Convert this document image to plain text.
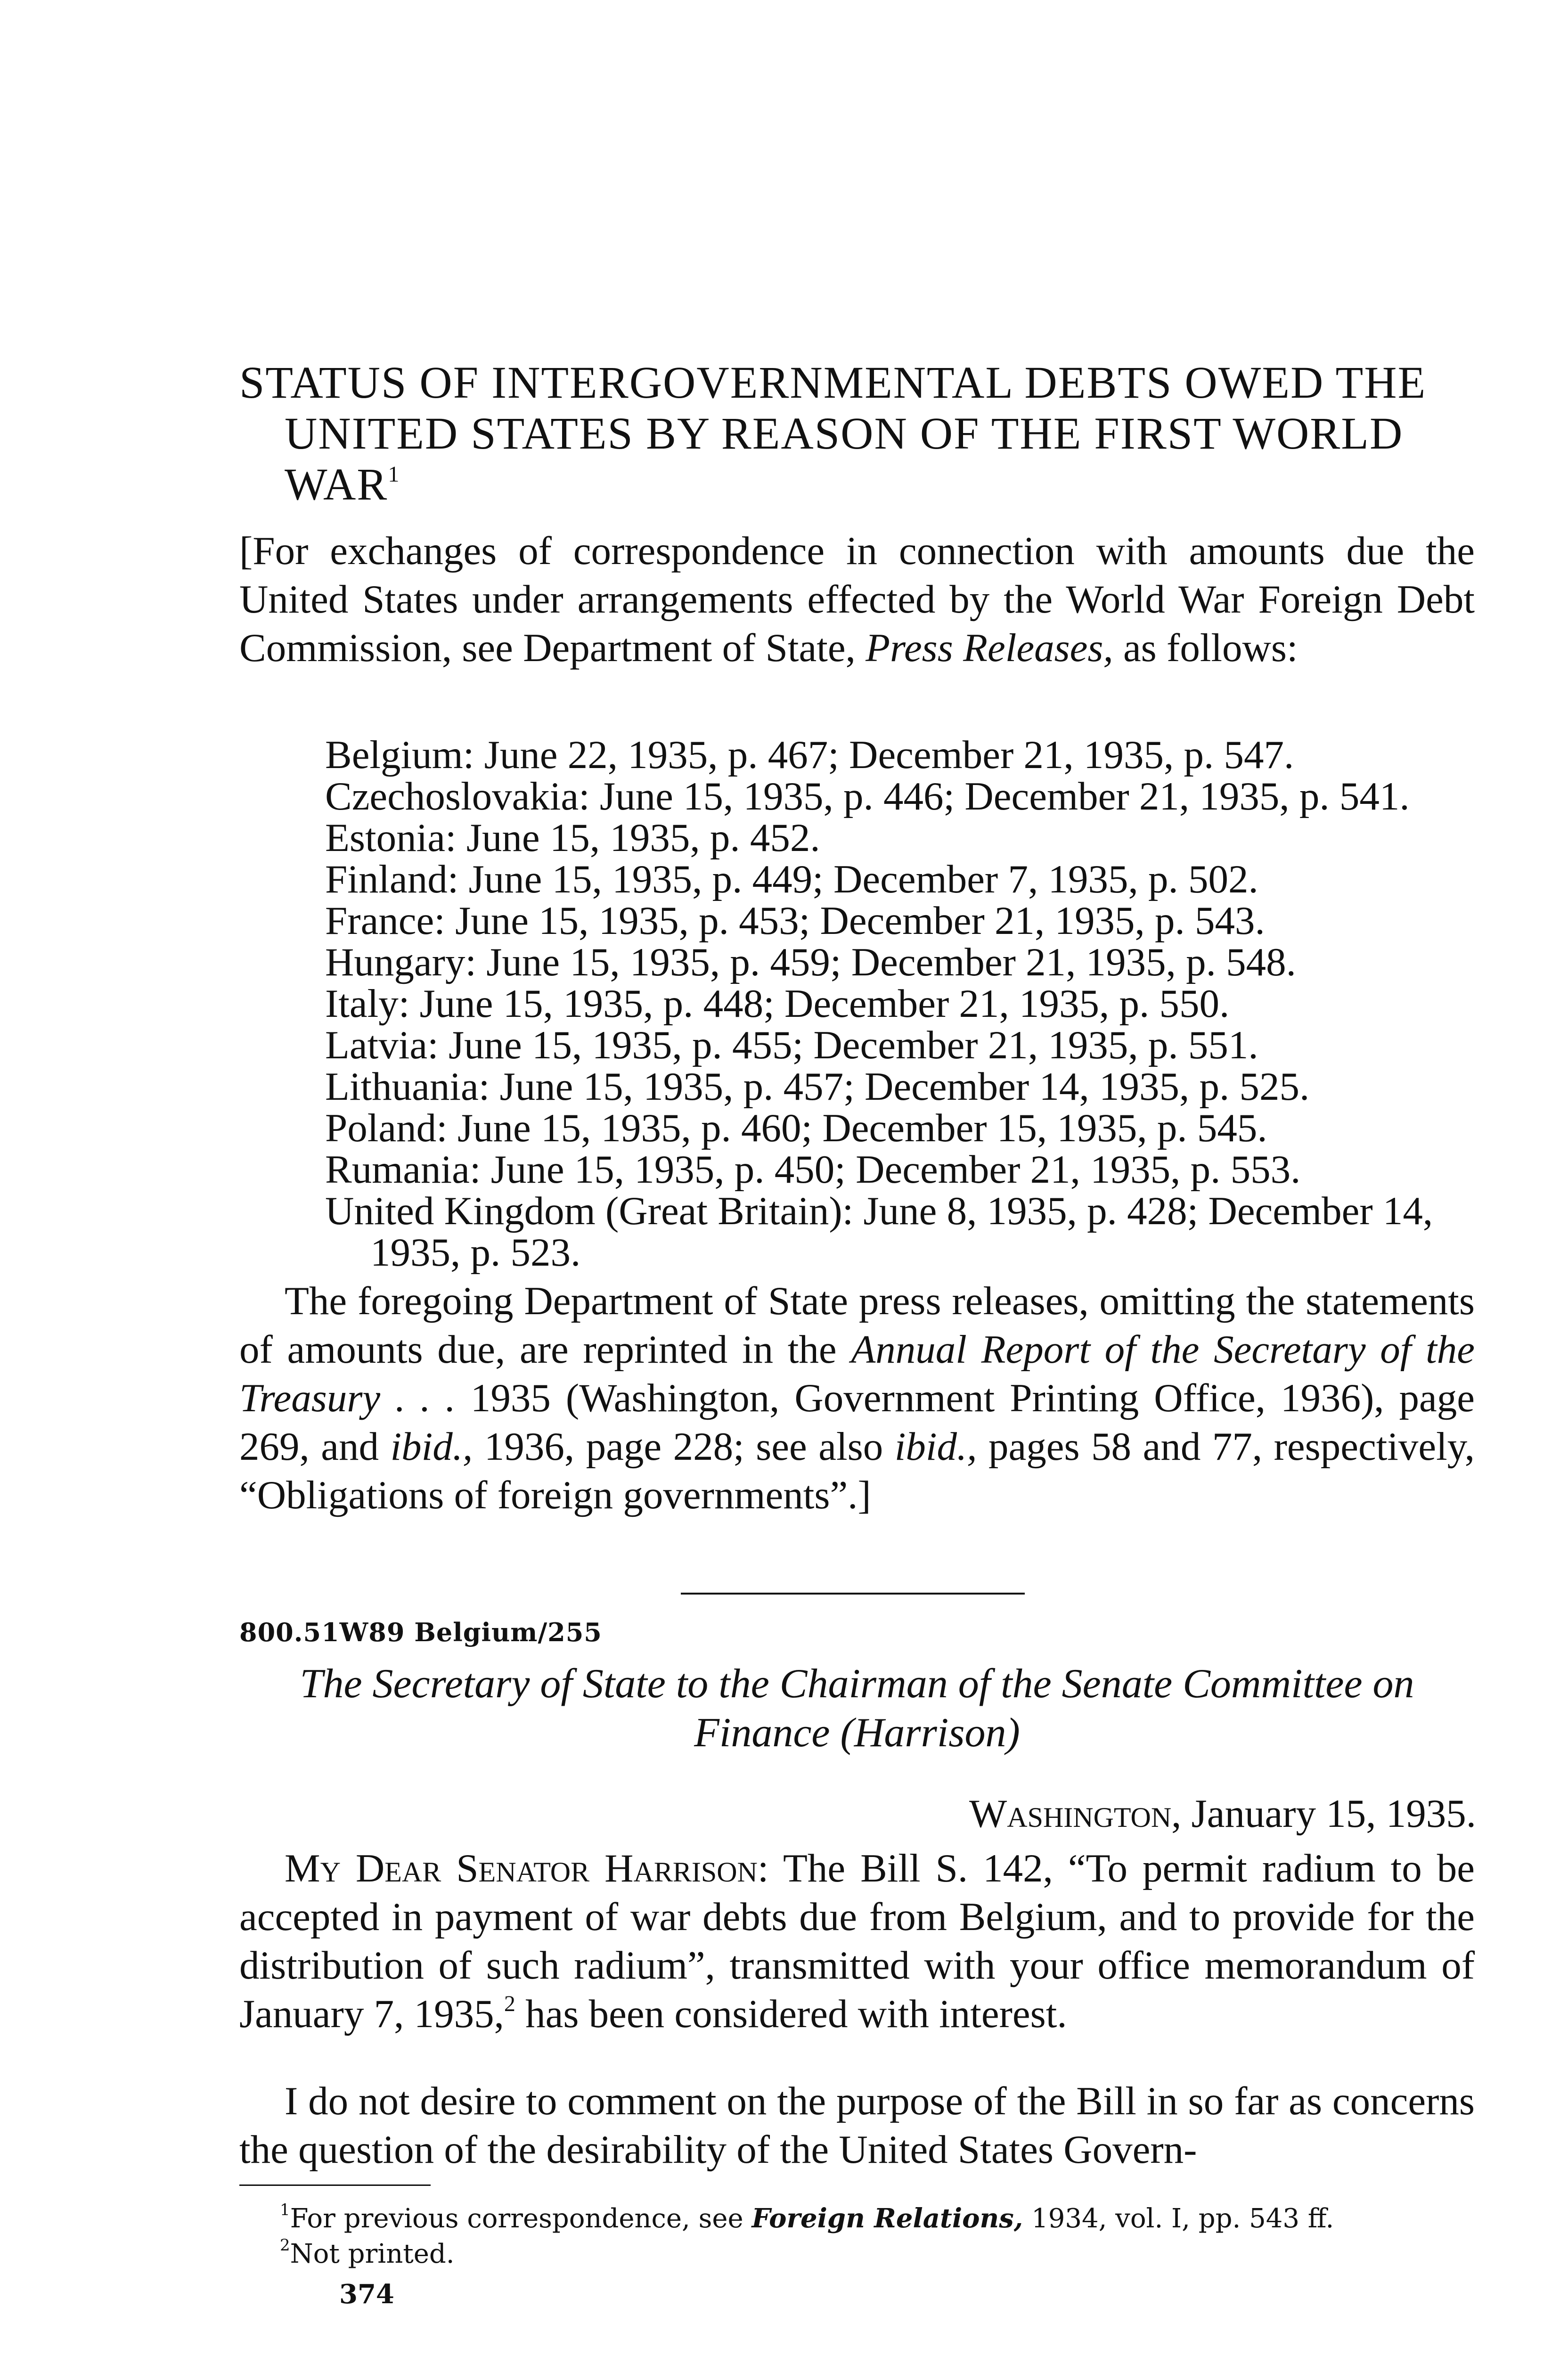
STATUS OF INTERGOVERNMENTAL DEBTS OWED THE UNITED STATES BY REASON OF THE FIRST WORLD WAR$^1$

[For exchanges of correspondence in connection with amounts due the United States under arrangements effected by the World War Foreign Debt Commission, see Department of State, Press Releases, as follows:

Belgium: June 22, 1935, p. 467; December 21, 1935, p. 547.
Czechoslovakia: June 15, 1935, p. 446; December 21, 1935, p. 541.
Estonia: June 15, 1935, p. 452.
Finland: June 15, 1935, p. 449; December 7, 1935, p. 502.
France: June 15, 1935, p. 453; December 21, 1935, p. 543.
Hungary: June 15, 1935, p. 459; December 21, 1935, p. 548.
Italy: June 15, 1935, p. 448; December 21, 1935, p. 550.
Latvia: June 15, 1935, p. 455; December 21, 1935, p. 551.
Lithuania: June 15, 1935, p. 457; December 14, 1935, p. 525.
Poland: June 15, 1935, p. 460; December 15, 1935, p. 545.
Rumania: June 15, 1935, p. 450; December 21, 1935, p. 553.
United Kingdom (Great Britain): June 8, 1935, p. 428; December 14, 1935, p. 523.

The foregoing Department of State press releases, omitting the statements of amounts due, are reprinted in the Annual Report of the Secretary of the Treasury . . . 1935 (Washington, Government Printing Office, 1936), page 269, and ibid., 1936, page 228; see also ibid., pages 58 and 77, respectively, “Obligations of foreign governments”.]

800.51W89 Belgium/255

The Secretary of State to the Chairman of the Senate Committee on
Finance (Harrison)

Washington, January 15, 1935.

My Dear Senator Harrison: The Bill S. 142, “To permit radium to be accepted in payment of war debts due from Belgium, and to provide for the distribution of such radium”, transmitted with your office memorandum of January 7, 1935,$^2$ has been considered with interest.

I do not desire to comment on the purpose of the Bill in so far as concerns the question of the desirability of the United States Govern-

$^1$For previous correspondence, see Foreign Relations, 1934, vol. I, pp. 543 ff.
$^2$Not printed.
374
